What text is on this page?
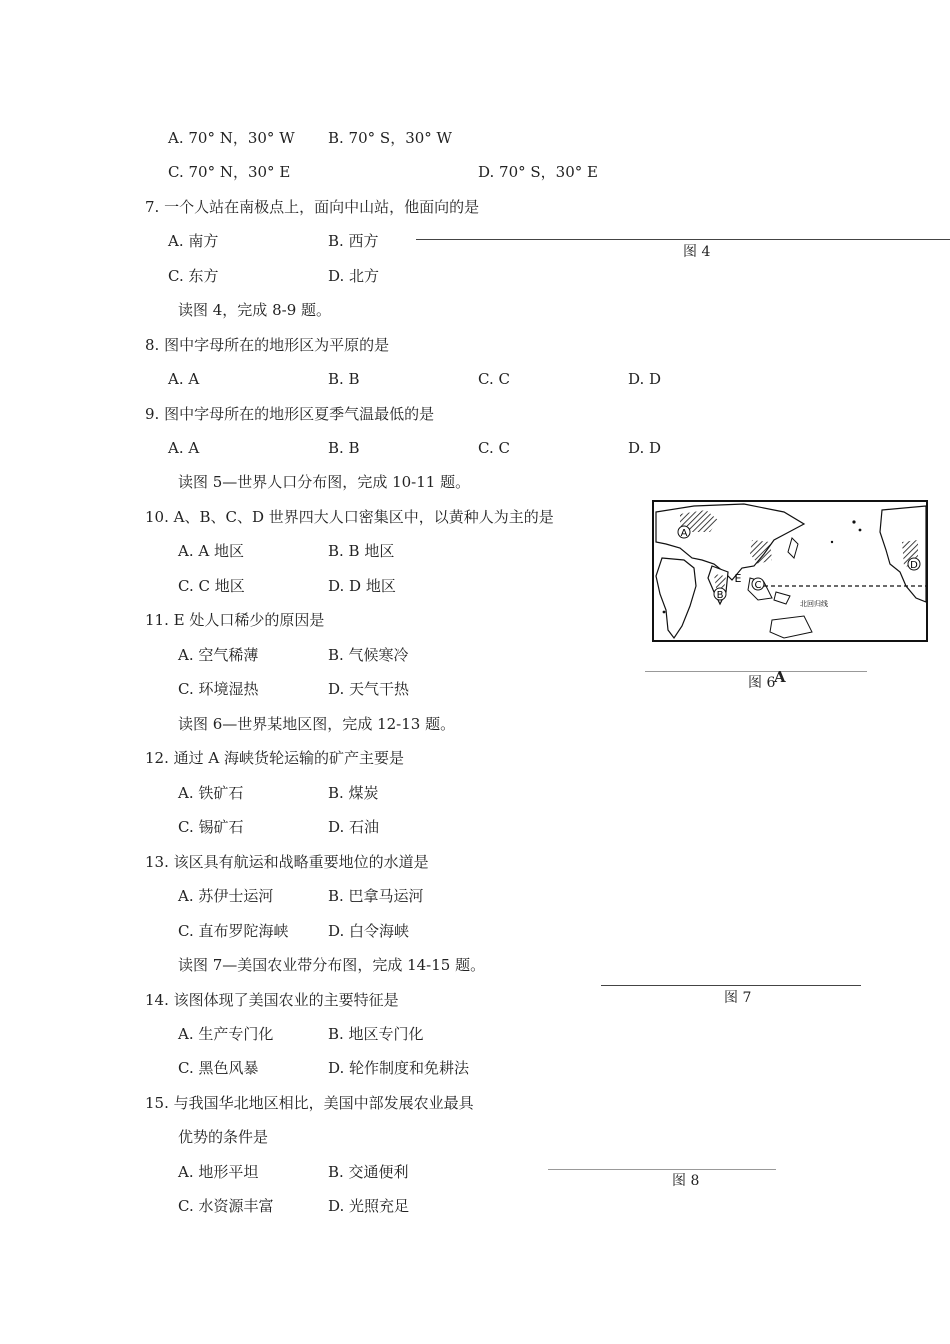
A. 70° N，30° W B. 70° S，30° W
C. 70° N，30° E	D. 70° S，30° E
7. 一个人站在南极点上，面向中山站，他面向的是
A. 南方	B. 西方
C. 东方	D. 北方
图 4
读图 4，完成 8-9 题。
8. 图中字母所在的地形区为平原的是
A. A	B. B	C. C	D. D
9. 图中字母所在的地形区夏季气温最低的是
A. A	B. B	C. C	D. D
读图 5—世界人口分布图，完成 10-11 题。
A
B
C
D
E
北回归线
10. A、B、C、D 世界四大人口密集区中，以黄种人为主的是
A. A 地区	B. B 地区
C. C 地区	D. D 地区
11. E 处人口稀少的原因是
A. 空气稀薄	B. 气候寒冷
C. 环境湿热	D. 天气干热	图 6
A
读图 6—世界某地区图，完成 12-13 题。
12. 通过 A 海峡货轮运输的矿产主要是
A. 铁矿石	B. 煤炭
C. 锡矿石	D. 石油
13. 该区具有航运和战略重要地位的水道是
A. 苏伊士运河	B. 巴拿马运河
C. 直布罗陀海峡	D. 白令海峡
读图 7—美国农业带分布图，完成 14-15 题。
图 7
14. 该图体现了美国农业的主要特征是
A. 生产专门化	B. 地区专门化
C. 黑色风暴	D. 轮作制度和免耕法
15. 与我国华北地区相比，美国中部发展农业最具
优势的条件是
A. 地形平坦	B. 交通便利
C. 水资源丰富	D. 光照充足
图 8
